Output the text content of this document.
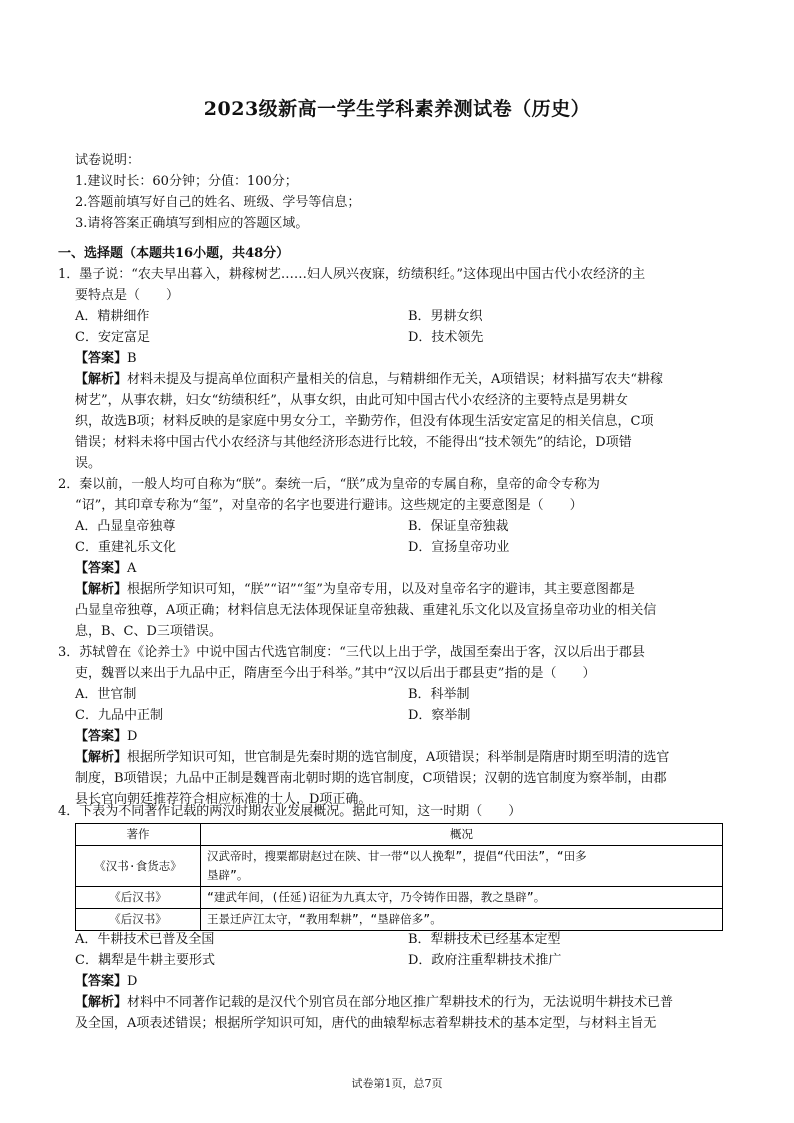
2023级新高一学生学科素养测试卷（历史）
试卷说明：
1.建议时长：60分钟；分值：100分；
2.答题前填写好自己的姓名、班级、学号等信息；
3.请将答案正确填写到相应的答题区域。
一、选择题（本题共16小题，共48分）
1．墨子说：“农夫早出暮入，耕稼树艺……妇人夙兴夜寐，纺绩积纴。”这体现出中国古代小农经济的主
要特点是（　　）
A．精耕细作	B．男耕女织
C．安定富足	D．技术领先
【答案】B
【解析】材料未提及与提高单位面积产量相关的信息，与精耕细作无关，A项错误；材料描写农夫“耕稼
树艺”，从事农耕，妇女“纺绩积纴”，从事女织，由此可知中国古代小农经济的主要特点是男耕女
织，故选B项；材料反映的是家庭中男女分工，辛勤劳作，但没有体现生活安定富足的相关信息，C项
错误；材料未将中国古代小农经济与其他经济形态进行比较，不能得出“技术领先”的结论，D项错
误。
2．秦以前，一般人均可自称为“朕”。秦统一后，“朕”成为皇帝的专属自称，皇帝的命令专称为
“诏”，其印章专称为“玺”，对皇帝的名字也要进行避讳。这些规定的主要意图是（　　）
A．凸显皇帝独尊	B．保证皇帝独裁
C．重建礼乐文化	D．宣扬皇帝功业
【答案】A
【解析】根据所学知识可知，“朕”“诏”“玺”为皇帝专用，以及对皇帝名字的避讳，其主要意图都是
凸显皇帝独尊，A项正确；材料信息无法体现保证皇帝独裁、重建礼乐文化以及宣扬皇帝功业的相关信
息，B、C、D三项错误。
3．苏轼曾在《论养士》中说中国古代选官制度：“三代以上出于学，战国至秦出于客，汉以后出于郡县
吏，魏晋以来出于九品中正，隋唐至今出于科举。”其中“汉以后出于郡县吏”指的是（　　）
A．世官制	B．科举制
C．九品中正制	D．察举制
【答案】D
【解析】根据所学知识可知，世官制是先秦时期的选官制度，A项错误；科举制是隋唐时期至明清的选官
制度，B项错误；九品中正制是魏晋南北朝时期的选官制度，C项错误；汉朝的选官制度为察举制，由郡
县长官向朝廷推荐符合相应标准的士人，D项正确。
4．下表为不同著作记载的两汉时期农业发展概况。据此可知，这一时期（　　）
著作	概况
《汉书·食货志》	汉武帝时，搜粟都尉赵过在陕、甘一带“以人挽犁”，提倡“代田法”，“田多
垦辟”。
《后汉书》	“建武年间，(任延)诏征为九真太守，乃令铸作田器，教之垦辟”。
《后汉书》	王景迁庐江太守，“教用犁耕”，“垦辟倍多”。
A．牛耕技术已普及全国	B．犁耕技术已经基本定型
C．耦犁是牛耕主要形式	D．政府注重犁耕技术推广
【答案】D
【解析】材料中不同著作记载的是汉代个别官员在部分地区推广犁耕技术的行为，无法说明牛耕技术已普
及全国，A项表述错误；根据所学知识可知，唐代的曲辕犁标志着犁耕技术的基本定型，与材料主旨无
试卷第1页，总7页
